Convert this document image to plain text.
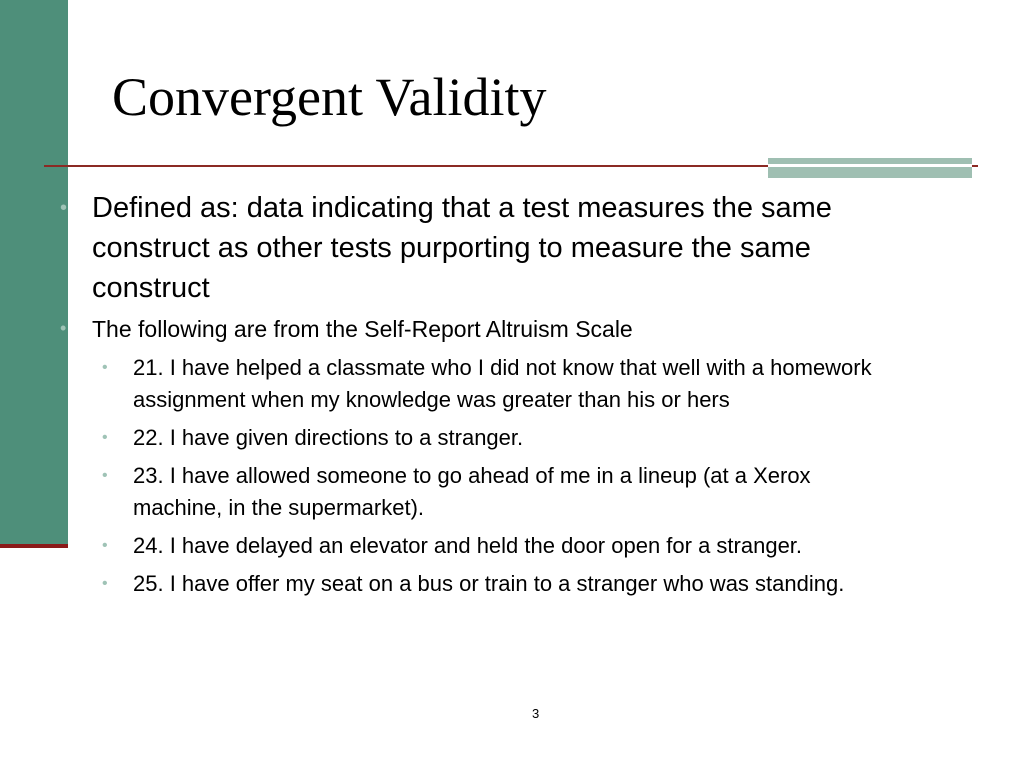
Convergent Validity
• Defined as: data indicating that a test measures the same construct as other tests purporting to measure the same construct
• The following are from the Self-Report Altruism Scale
• 21. I have helped a classmate who I did not know that well with a homework assignment when my knowledge was greater than his or hers
• 22. I have given directions to a stranger.
• 23. I have allowed someone to go ahead of me in a lineup (at a Xerox machine, in the supermarket).
• 24. I have delayed an elevator and held the door open for a stranger.
• 25. I have offer my seat on a bus or train to a stranger who was standing.
3
